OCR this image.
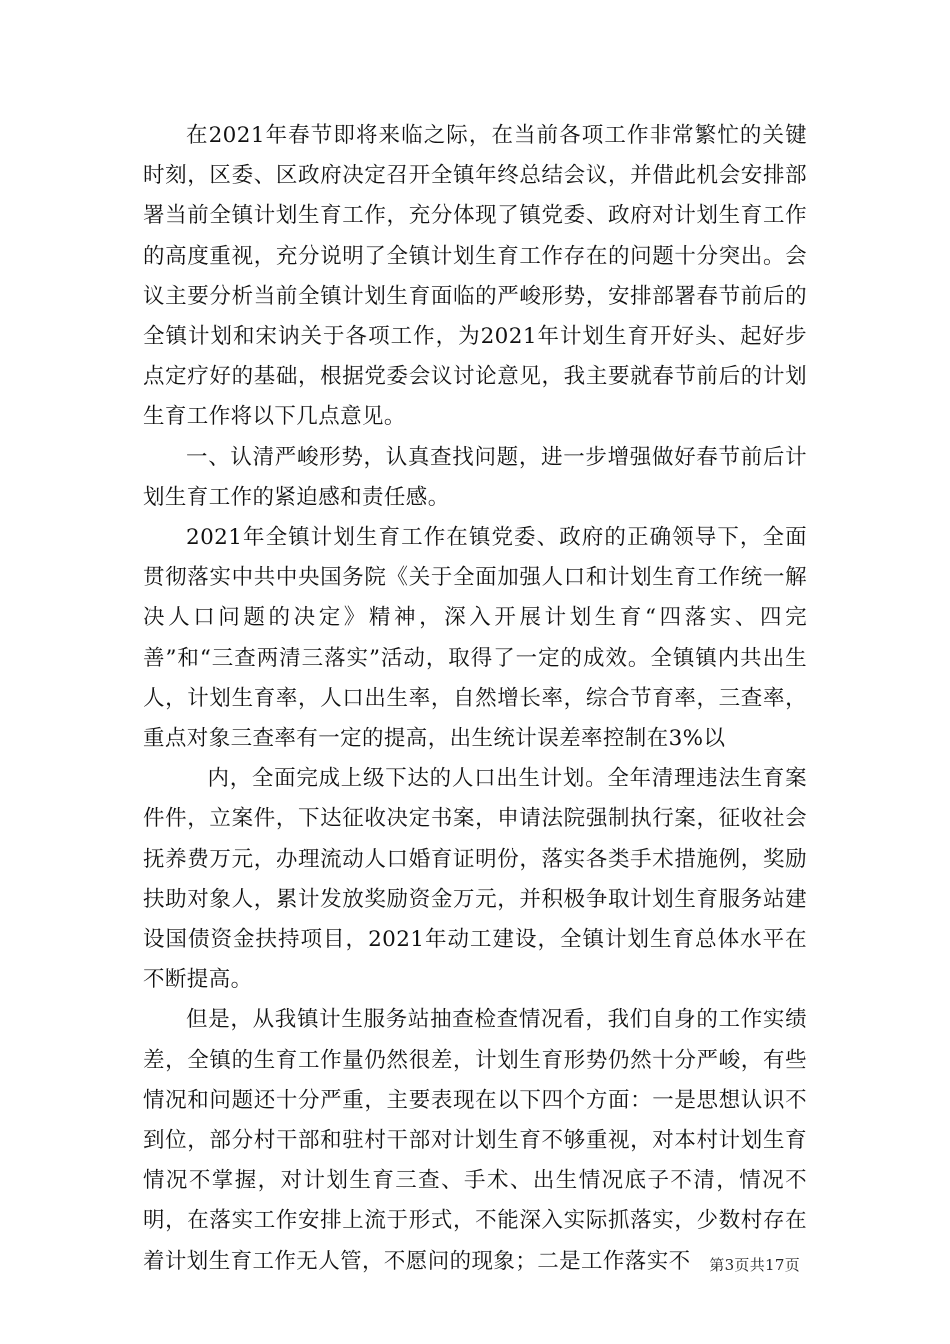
在2021年春节即将来临之际，在当前各项工作非常繁忙的关键时刻，区委、区政府决定召开全镇年终总结会议，并借此机会安排部署当前全镇计划生育工作，充分体现了镇党委、政府对计划生育工作的高度重视，充分说明了全镇计划生育工作存在的问题十分突出。会议主要分析当前全镇计划生育面临的严峻形势，安排部署春节前后的全镇计划和宋讷关于各项工作，为2021年计划生育开好头、起好步点定疗好的基础，根据党委会议讨论意见，我主要就春节前后的计划生育工作将以下几点意见。

一、认清严峻形势，认真查找问题，进一步增强做好春节前后计划生育工作的紧迫感和责任感。

2021年全镇计划生育工作在镇党委、政府的正确领导下，全面贯彻落实中共中央国务院《关于全面加强人口和计划生育工作统一解决人口问题的决定》精神，深入开展计划生育“四落实、四完善”和“三查两清三落实”活动，取得了一定的成效。全镇镇内共出生人，计划生育率，人口出生率，自然增长率，综合节育率，三查率，重点对象三查率有一定的提高，出生统计误差率控制在3%以

内，全面完成上级下达的人口出生计划。全年清理违法生育案件件，立案件，下达征收决定书案，申请法院强制执行案，征收社会抚养费万元，办理流动人口婚育证明份，落实各类手术措施例，奖励扶助对象人，累计发放奖励资金万元，并积极争取计划生育服务站建设国债资金扶持项目，2021年动工建设，全镇计划生育总体水平在不断提高。

但是，从我镇计生服务站抽查检查情况看，我们自身的工作实绩差，全镇的生育工作量仍然很差，计划生育形势仍然十分严峻，有些情况和问题还十分严重，主要表现在以下四个方面：一是思想认识不到位，部分村干部和驻村干部对计划生育不够重视，对本村计划生育情况不掌握，对计划生育三查、手术、出生情况底子不清，情况不明，在落实工作安排上流于形式，不能深入实际抓落实，少数村存在着计划生育工作无人管，不愿问的现象；二是工作落实不	第3页共17页
